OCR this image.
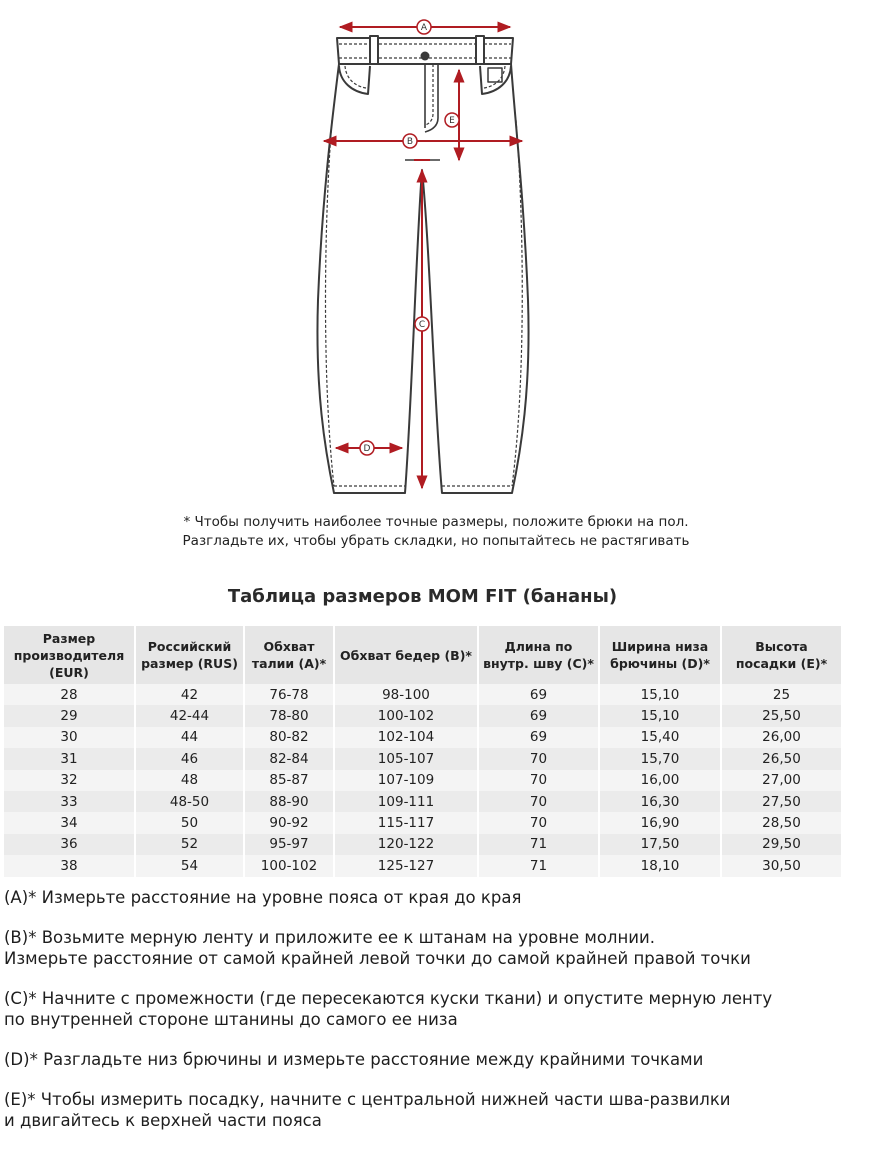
A
B
E
C
D
* Чтобы получить наиболее точные размеры, положите брюки на пол.
Разгладьте их, чтобы убрать складки, но попытайтесь не растягивать
Таблица размеров MOM FIT (бананы)
Размер производителя (EUR)	Российский размер (RUS)	Обхват талии (А)*	Обхват бедер (B)*	Длина по внутр. шву (С)*	Ширина низа брючины (D)*	Высота посадки (Е)*
28	42	76-78	98-100	69	15,10	25
29	42-44	78-80	100-102	69	15,10	25,50
30	44	80-82	102-104	69	15,40	26,00
31	46	82-84	105-107	70	15,70	26,50
32	48	85-87	107-109	70	16,00	27,00
33	48-50	88-90	109-111	70	16,30	27,50
34	50	90-92	115-117	70	16,90	28,50
36	52	95-97	120-122	71	17,50	29,50
38	54	100-102	125-127	71	18,10	30,50
(A)* Измерьте расстояние на уровне пояса от края до края
(B)* Возьмите мерную ленту и приложите ее к штанам на уровне молнии.
Измерьте расстояние от самой крайней левой точки до самой крайней правой точки
(C)* Начните с промежности (где пересекаются куски ткани) и опустите мерную ленту
по внутренней стороне штанины до самого ее низа
(D)* Разгладьте низ брючины и измерьте расстояние между крайними точками
(E)* Чтобы измерить посадку, начните с центральной нижней части шва-развилки
и двигайтесь к верхней части пояса
